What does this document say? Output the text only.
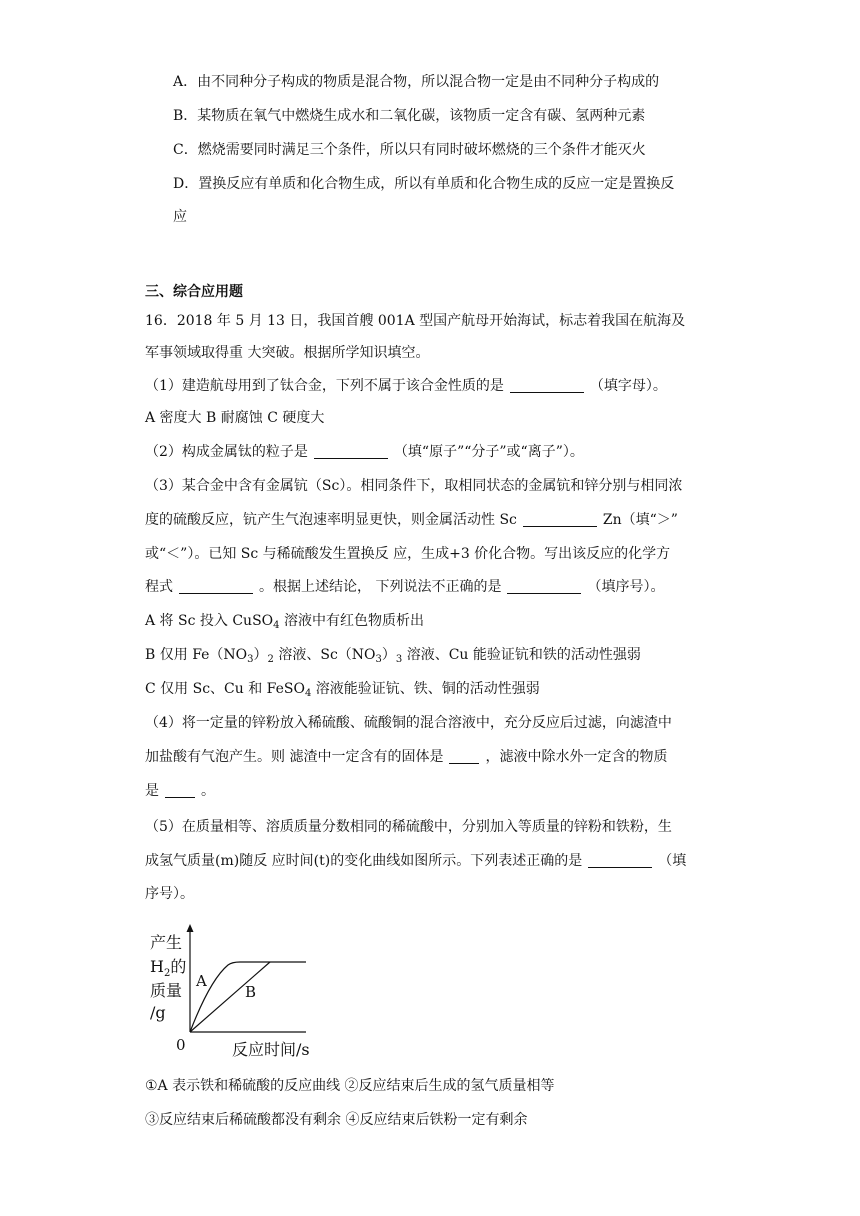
A．由不同种分子构成的物质是混合物，所以混合物一定是由不同种分子构成的
B．某物质在氧气中燃烧生成水和二氧化碳，该物质一定含有碳、氢两种元素
C．燃烧需要同时满足三个条件，所以只有同时破坏燃烧的三个条件才能灭火
D．置换反应有单质和化合物生成，所以有单质和化合物生成的反应一定是置换反
应
三、综合应用题
16．2018 年 5 月 13 日，我国首艘 001A 型国产航母开始海试，标志着我国在航海及
军事领域取得重 大突破。根据所学知识填空。
（1）建造航母用到了钛合金，下列不属于该合金性质的是	（填字母）。
A 密度大 B 耐腐蚀 C 硬度大
（2）构成金属钛的粒子是	（填“原子”“分子”或“离子”）。
（3）某合金中含有金属钪（Sc）。相同条件下，取相同状态的金属钪和锌分别与相同浓
度的硫酸反应，钪产生气泡速率明显更快，则金属活动性 Sc	Zn（填“＞”
或“＜”）。已知 Sc 与稀硫酸发生置换反 应，生成+3 价化合物。写出该反应的化学方
程式	。根据上述结论， 下列说法不正确的是	（填序号）。
A 将 Sc 投入 CuSO$_4$ 溶液中有红色物质析出
B 仅用 $Fe(NO_3)_2$ 溶液、$Sc(NO_3)_3$ 溶液、Cu 能验证钪和铁的活动性强弱
C 仅用 Sc、Cu 和 FeSO$_4$ 溶液能验证钪、铁、铜的活动性强弱
（4）将一定量的锌粉放入稀硫酸、硫酸铜的混合溶液中，充分反应后过滤，向滤渣中
加盐酸有气泡产生。则 滤渣中一定含有的固体是	，滤液中除水外一定含的物质
是	。
（5）在质量相等、溶质质量分数相同的稀硫酸中，分别加入等质量的锌粉和铁粉，生
成氢气质量(m)随反 应时间(t)的变化曲线如图所示。下列表述正确的是	（填
序号）。
产生
$H_2$的
质量
/g
A
B
0	反应时间/s
①A 表示铁和稀硫酸的反应曲线 ②反应结束后生成的氢气质量相等
③反应结束后稀硫酸都没有剩余 ④反应结束后铁粉一定有剩余
